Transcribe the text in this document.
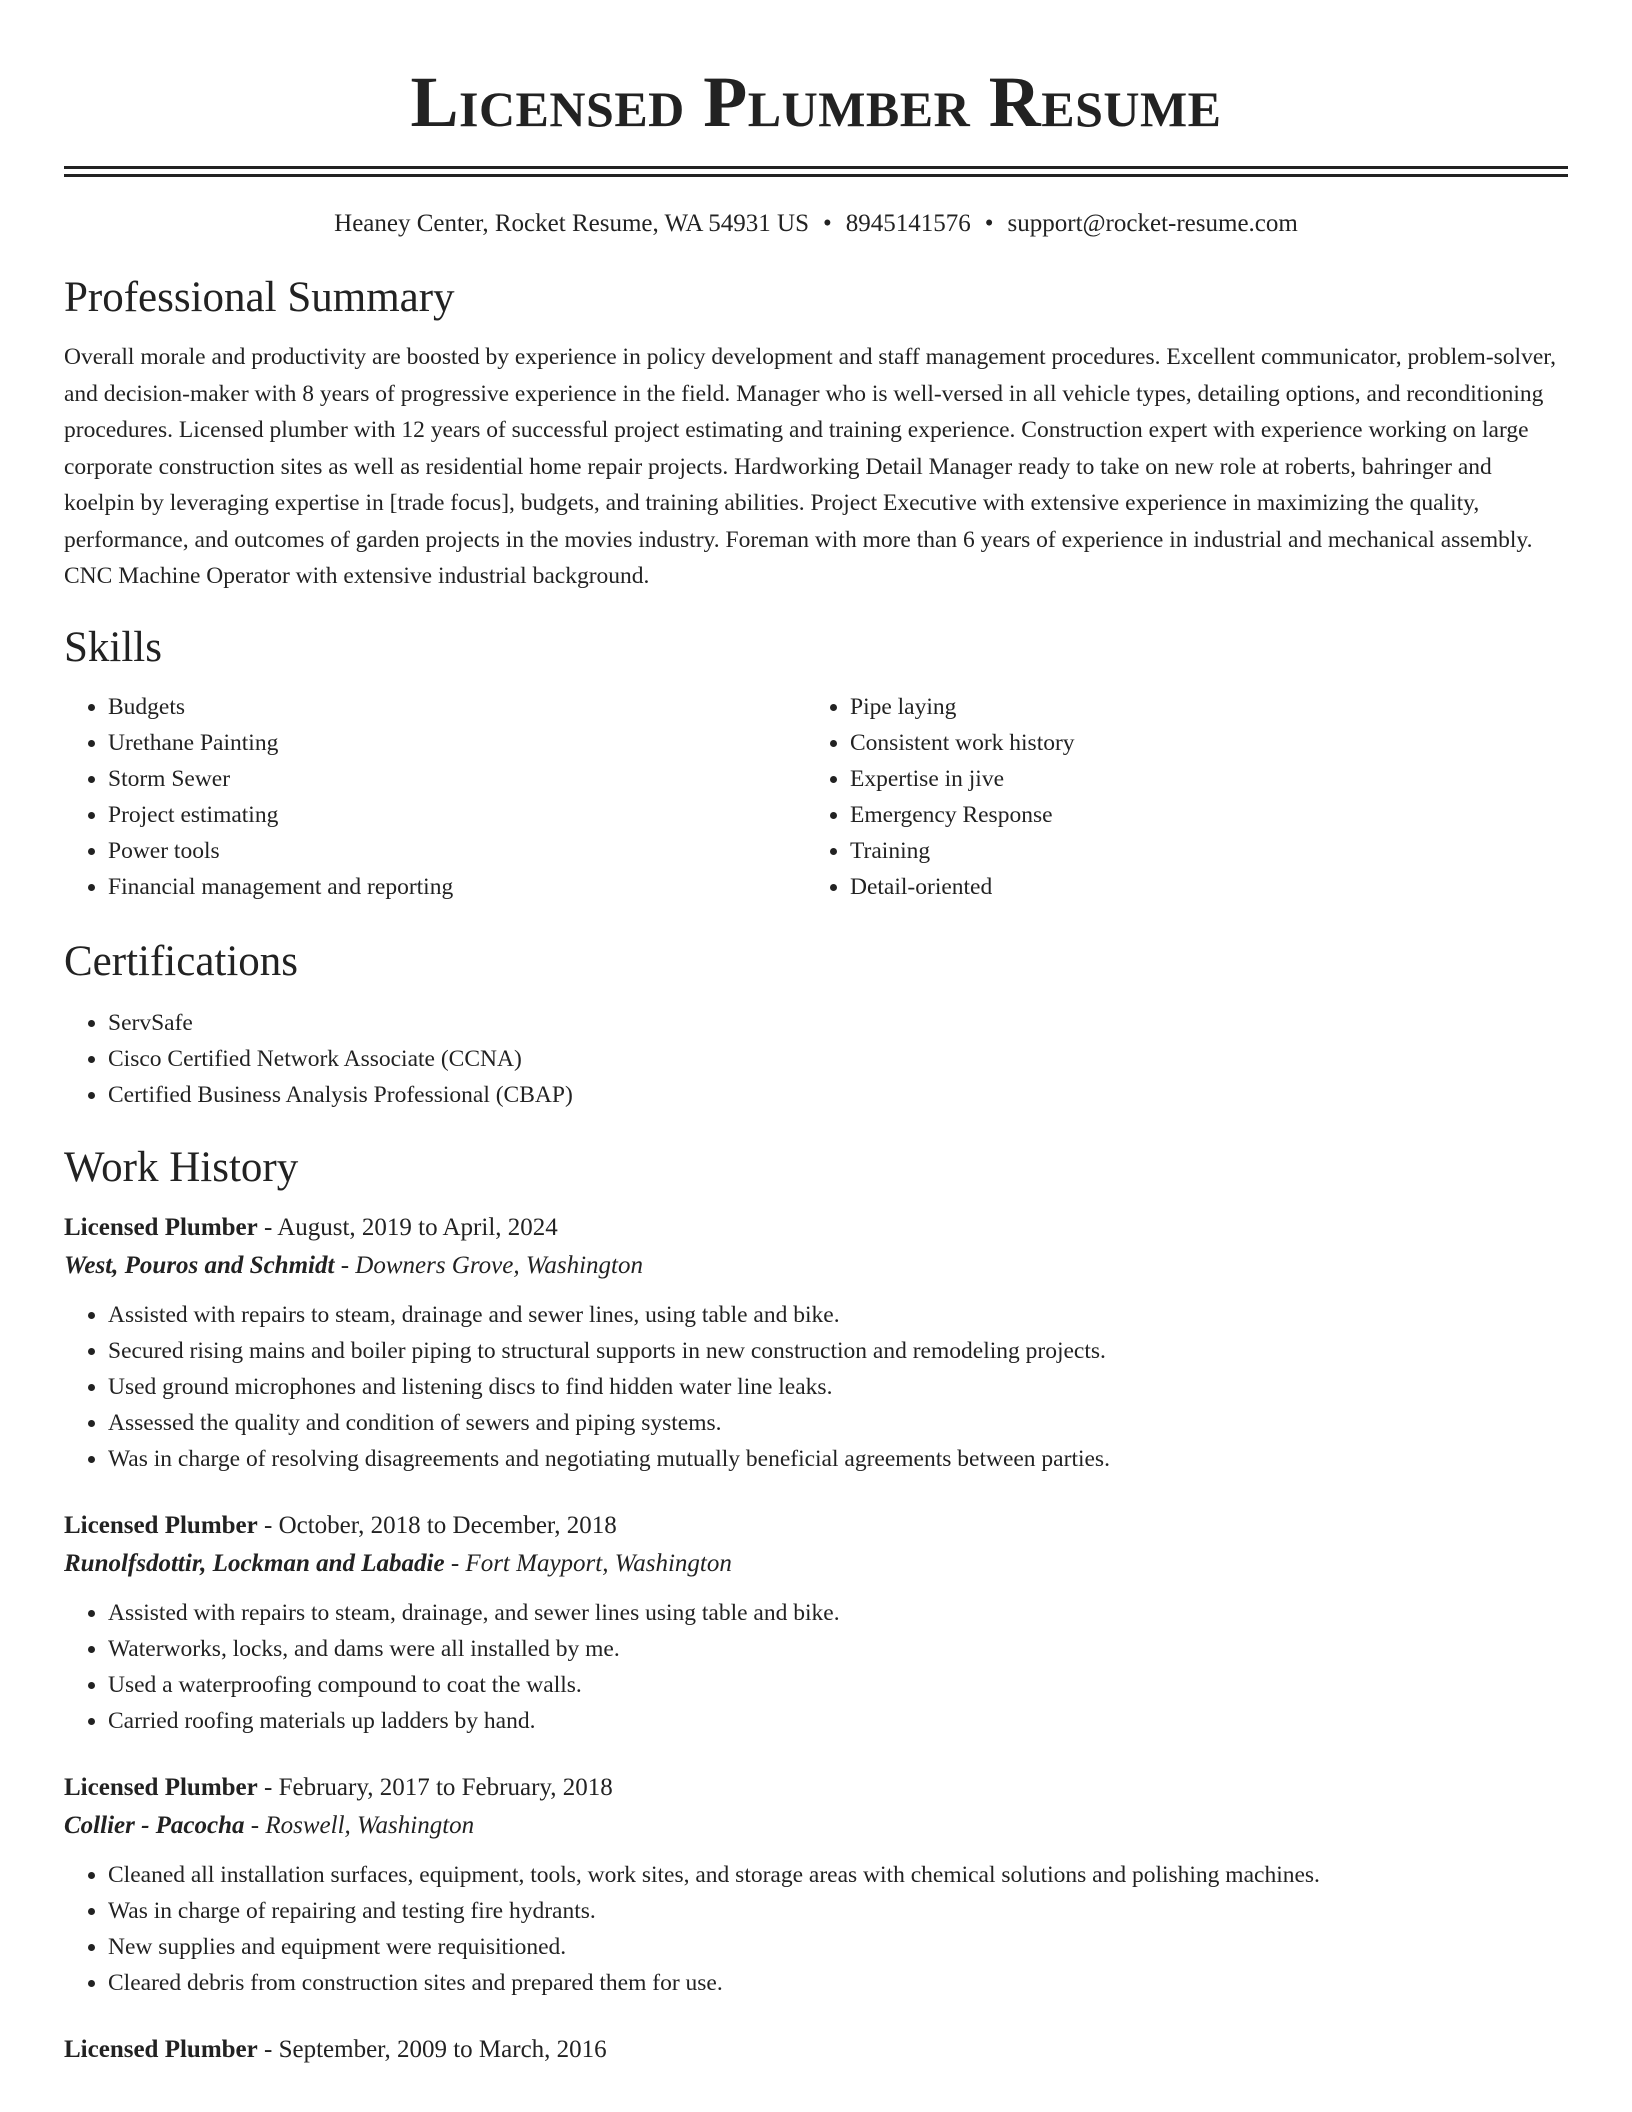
Licensed Plumber Resume
Heaney Center, Rocket Resume, WA 54931 US • 8945141576 • support@rocket-resume.com
Professional Summary
Overall morale and productivity are boosted by experience in policy development and staff management procedures. Excellent communicator, problem-solver, and decision-maker with 8 years of progressive experience in the field. Manager who is well-versed in all vehicle types, detailing options, and reconditioning procedures. Licensed plumber with 12 years of successful project estimating and training experience. Construction expert with experience working on large corporate construction sites as well as residential home repair projects. Hardworking Detail Manager ready to take on new role at roberts, bahringer and koelpin by leveraging expertise in [trade focus], budgets, and training abilities. Project Executive with extensive experience in maximizing the quality, performance, and outcomes of garden projects in the movies industry. Foreman with more than 6 years of experience in industrial and mechanical assembly. CNC Machine Operator with extensive industrial background.
Skills
• Budgets
• Urethane Painting
• Storm Sewer
• Project estimating
• Power tools
• Financial management and reporting
• Pipe laying
• Consistent work history
• Expertise in jive
• Emergency Response
• Training
• Detail-oriented
Certifications
• ServSafe
• Cisco Certified Network Associate (CCNA)
• Certified Business Analysis Professional (CBAP)
Work History
Licensed Plumber - August, 2019 to April, 2024
West, Pouros and Schmidt - Downers Grove, Washington
• Assisted with repairs to steam, drainage and sewer lines, using table and bike.
• Secured rising mains and boiler piping to structural supports in new construction and remodeling projects.
• Used ground microphones and listening discs to find hidden water line leaks.
• Assessed the quality and condition of sewers and piping systems.
• Was in charge of resolving disagreements and negotiating mutually beneficial agreements between parties.
Licensed Plumber - October, 2018 to December, 2018
Runolfsdottir, Lockman and Labadie - Fort Mayport, Washington
• Assisted with repairs to steam, drainage, and sewer lines using table and bike.
• Waterworks, locks, and dams were all installed by me.
• Used a waterproofing compound to coat the walls.
• Carried roofing materials up ladders by hand.
Licensed Plumber - February, 2017 to February, 2018
Collier - Pacocha - Roswell, Washington
• Cleaned all installation surfaces, equipment, tools, work sites, and storage areas with chemical solutions and polishing machines.
• Was in charge of repairing and testing fire hydrants.
• New supplies and equipment were requisitioned.
• Cleared debris from construction sites and prepared them for use.
Licensed Plumber - September, 2009 to March, 2016
